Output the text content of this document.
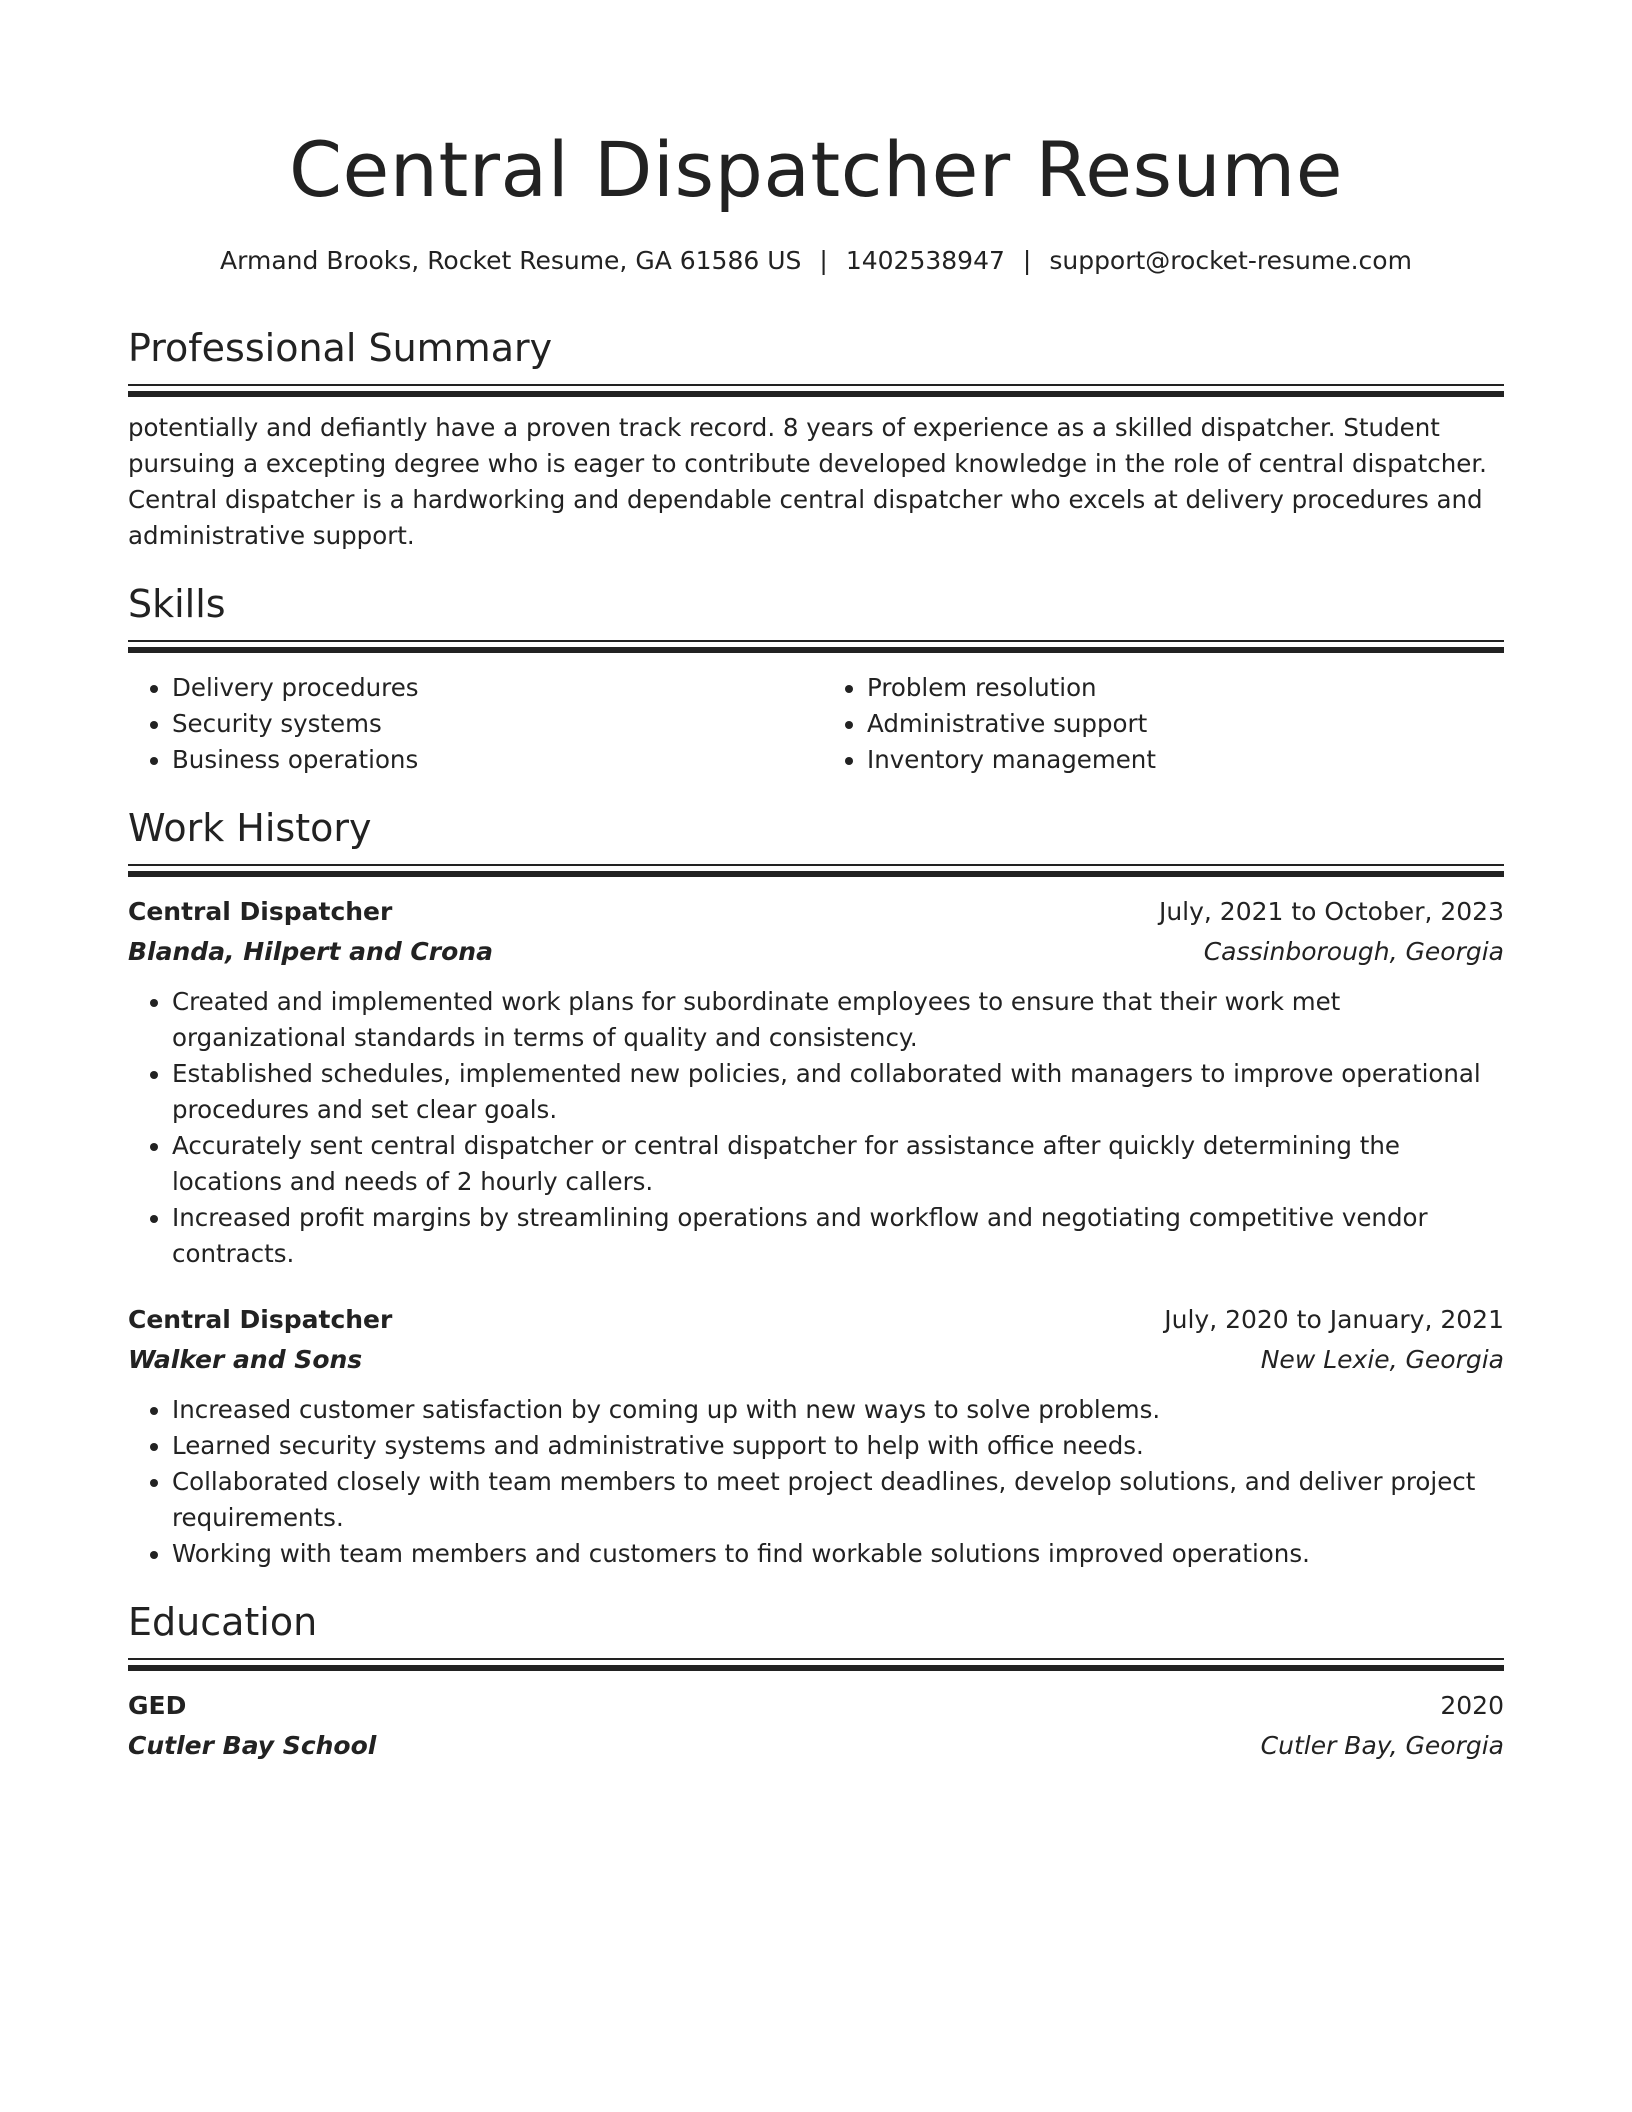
Central Dispatcher Resume
Armand Brooks, Rocket Resume, GA 61586 US | 1402538947 | support@rocket-resume.com
Professional Summary
potentially and defiantly have a proven track record. 8 years of experience as a skilled dispatcher. Student pursuing a excepting degree who is eager to contribute developed knowledge in the role of central dispatcher. Central dispatcher is a hardworking and dependable central dispatcher who excels at delivery procedures and administrative support.
Skills
• Delivery procedures
• Security systems
• Business operations
• Problem resolution
• Administrative support
• Inventory management
Work History
Central Dispatcher	July, 2021 to October, 2023
Blanda, Hilpert and Crona	Cassinborough, Georgia
• Created and implemented work plans for subordinate employees to ensure that their work met organizational standards in terms of quality and consistency.
• Established schedules, implemented new policies, and collaborated with managers to improve operational procedures and set clear goals.
• Accurately sent central dispatcher or central dispatcher for assistance after quickly determining the locations and needs of 2 hourly callers.
• Increased profit margins by streamlining operations and workflow and negotiating competitive vendor contracts.
Central Dispatcher	July, 2020 to January, 2021
Walker and Sons	New Lexie, Georgia
• Increased customer satisfaction by coming up with new ways to solve problems.
• Learned security systems and administrative support to help with office needs.
• Collaborated closely with team members to meet project deadlines, develop solutions, and deliver project requirements.
• Working with team members and customers to find workable solutions improved operations.
Education
GED	2020
Cutler Bay School	Cutler Bay, Georgia
